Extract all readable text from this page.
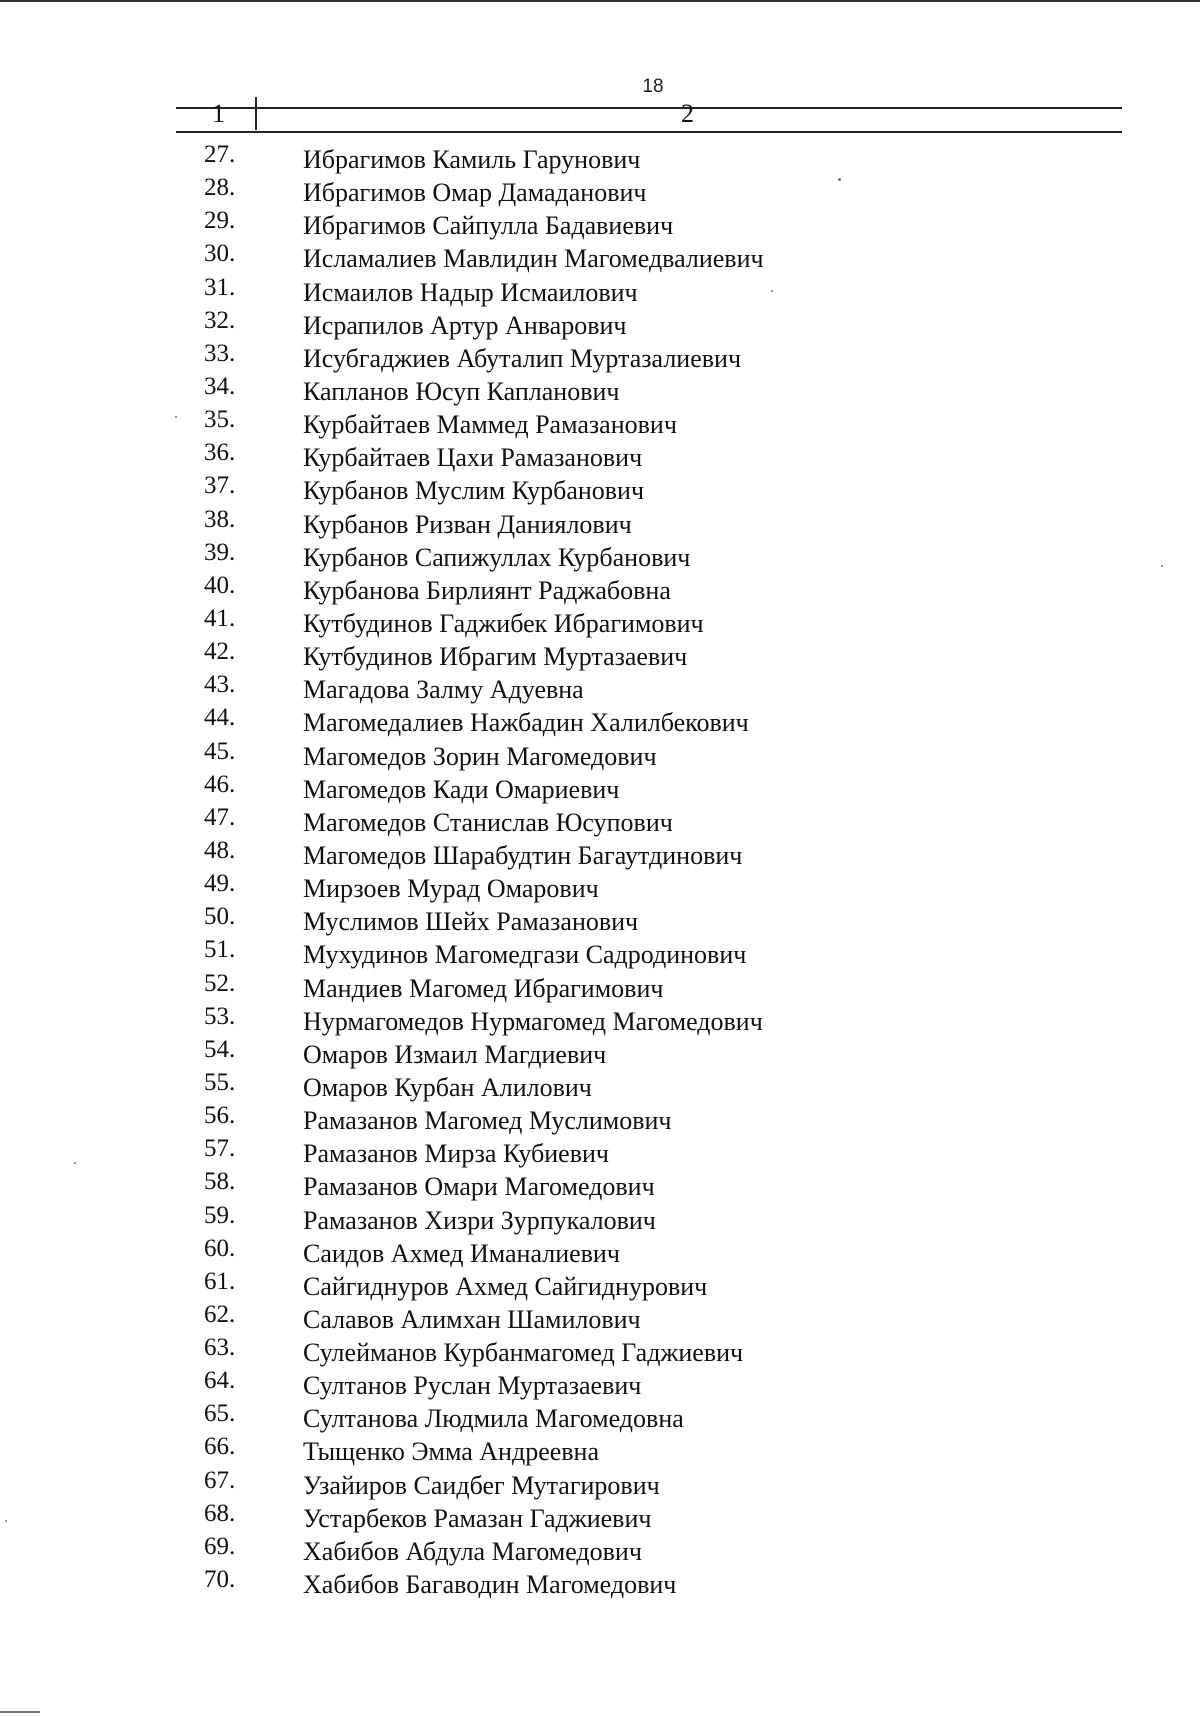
18
1	2
27.	Ибрагимов Камиль Гарунович
28.	Ибрагимов Омар Дамаданович
29.	Ибрагимов Сайпулла Бадавиевич
30.	Исламалиев Мавлидин Магомедвалиевич
31.	Исмаилов Надыр Исмаилович
32.	Исрапилов Артур Анварович
33.	Исубгаджиев Абуталип Муртазалиевич
34.	Капланов Юсуп Капланович
35.	Курбайтаев Маммед Рамазанович
36.	Курбайтаев Цахи Рамазанович
37.	Курбанов Муслим Курбанович
38.	Курбанов Ризван Даниялович
39.	Курбанов Сапижуллах Курбанович
40.	Курбанова Бирлиянт Раджабовна
41.	Кутбудинов Гаджибек Ибрагимович
42.	Кутбудинов Ибрагим Муртазаевич
43.	Магадова Залму Адуевна
44.	Магомедалиев Нажбадин Халилбекович
45.	Магомедов Зорин Магомедович
46.	Магомедов Кади Омариевич
47.	Магомедов Станислав Юсупович
48.	Магомедов Шарабудтин Багаутдинович
49.	Мирзоев Мурад Омарович
50.	Муслимов Шейх Рамазанович
51.	Мухудинов Магомедгази Садродинович
52.	Мандиев Магомед Ибрагимович
53.	Нурмагомедов Нурмагомед Магомедович
54.	Омаров Измаил Магдиевич
55.	Омаров Курбан Алилович
56.	Рамазанов Магомед Муслимович
57.	Рамазанов Мирза Кубиевич
58.	Рамазанов Омари Магомедович
59.	Рамазанов Хизри Зурпукалович
60.	Саидов Ахмед Иманалиевич
61.	Сайгиднуров Ахмед Сайгиднурович
62.	Салавов Алимхан Шамилович
63.	Сулейманов Курбанмагомед Гаджиевич
64.	Султанов Руслан Муртазаевич
65.	Султанова Людмила Магомедовна
66.	Тыщенко Эмма Андреевна
67.	Узайиров Саидбег Мутагирович
68.	Устарбеков Рамазан Гаджиевич
69.	Хабибов Абдула Магомедович
70.	Хабибов Багаводин Магомедович
